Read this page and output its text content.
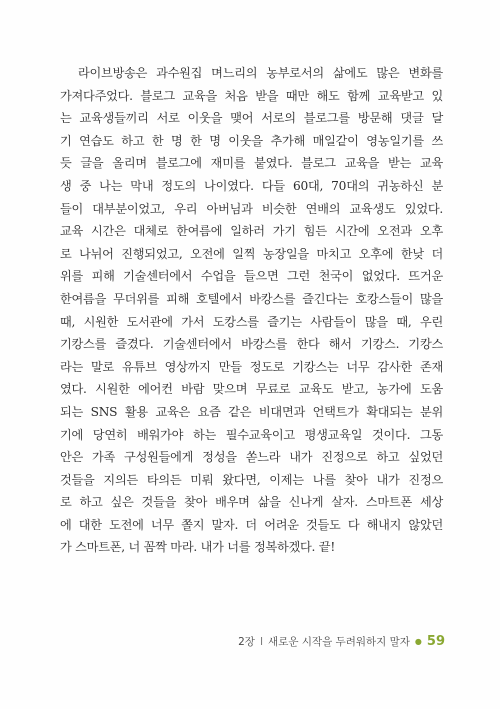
라이브방송은 과수원집 며느리의 농부로서의 삶에도 많은 변화를
가져다주었다. 블로그 교육을 처음 받을 때만 해도 함께 교육받고 있
는 교육생들끼리 서로 이웃을 맺어 서로의 블로그를 방문해 댓글 달
기 연습도 하고 한 명 한 명 이웃을 추가해 매일같이 영농일기를 쓰
듯 글을 올리며 블로그에 재미를 붙였다. 블로그 교육을 받는 교육
생 중 나는 막내 정도의 나이였다. 다들 60대, 70대의 귀농하신 분
들이 대부분이었고, 우리 아버님과 비슷한 연배의 교육생도 있었다.
교육 시간은 대체로 한여름에 일하러 가기 힘든 시간에 오전과 오후
로 나뉘어 진행되었고, 오전에 일찍 농장일을 마치고 오후에 한낮 더
위를 피해 기술센터에서 수업을 들으면 그런 천국이 없었다. 뜨거운
한여름을 무더위를 피해 호텔에서 바캉스를 즐긴다는 호캉스들이 많을
때, 시원한 도서관에 가서 도캉스를 즐기는 사람들이 많을 때, 우린
기캉스를 즐겼다. 기술센터에서 바캉스를 한다 해서 기캉스. 기캉스
라는 말로 유튜브 영상까지 만들 정도로 기캉스는 너무 감사한 존재
였다. 시원한 에어컨 바람 맞으며 무료로 교육도 받고, 농가에 도움
되는 SNS 활용 교육은 요즘 같은 비대면과 언택트가 확대되는 분위
기에 당연히 배워가야 하는 필수교육이고 평생교육일 것이다. 그동
안은 가족 구성원들에게 정성을 쏟느라 내가 진정으로 하고 싶었던
것들을 지의든 타의든 미뤄 왔다면, 이제는 나를 찾아 내가 진정으
로 하고 싶은 것들을 찾아 배우며 삶을 신나게 살자. 스마트폰 세상
에 대한 도전에 너무 쫄지 말자. 더 어려운 것들도 다 해내지 않았던
가 스마트폰, 너 꼼짝 마라. 내가 너를 정복하겠다. 끝!
2장 I 새로운 시작을 두려워하지 말자 ● 59
